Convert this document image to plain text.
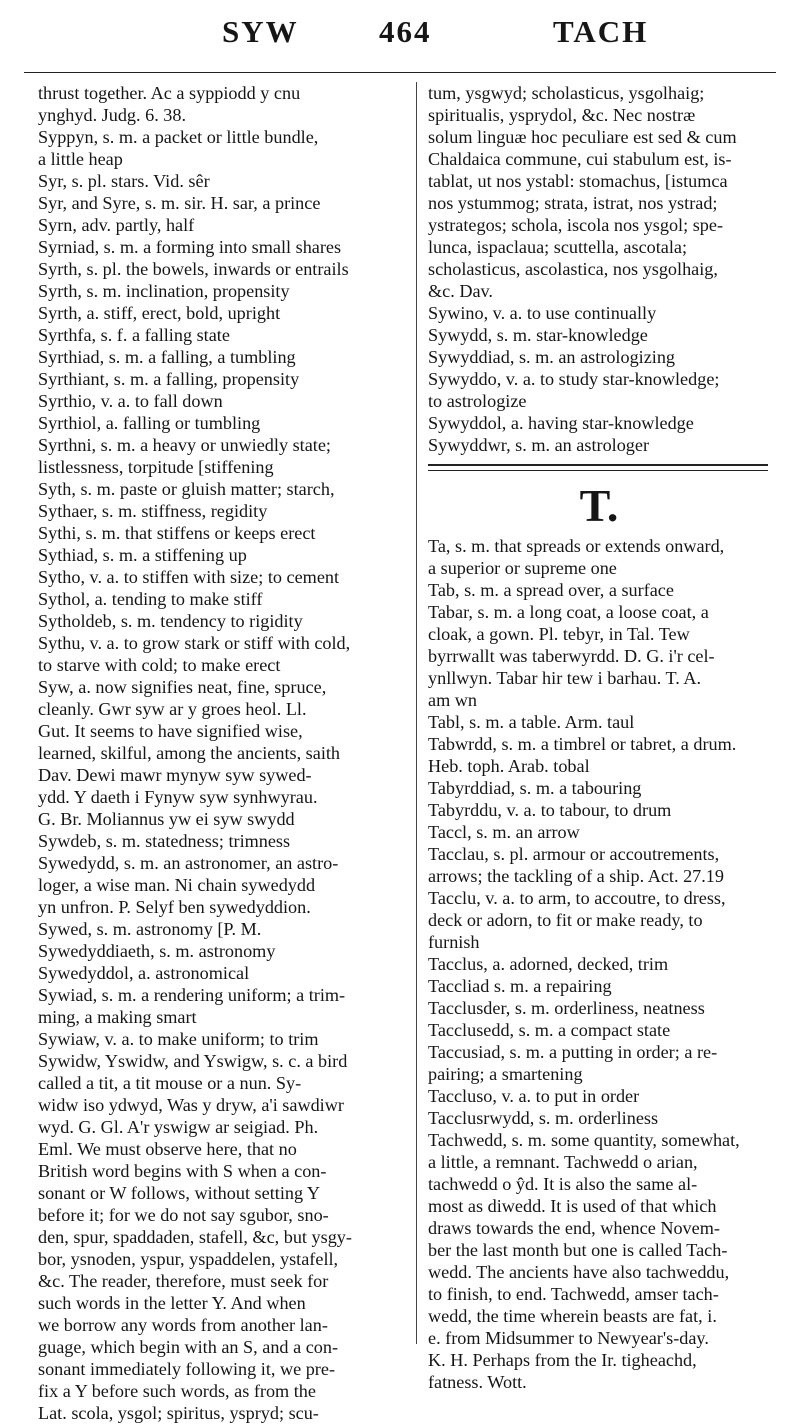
SYW	464	TACH
thrust together. Ac a syppiodd y cnu
ynghyd. Judg. 6. 38.
Syppyn, s. m. a packet or little bundle,
a little heap
Syr, s. pl. stars. Vid. sêr
Syr, and Syre, s. m. sir. H. sar, a prince
Syrn, adv. partly, half
Syrniad, s. m. a forming into small shares
Syrth, s. pl. the bowels, inwards or entrails
Syrth, s. m. inclination, propensity
Syrth, a. stiff, erect, bold, upright
Syrthfa, s. f. a falling state
Syrthiad, s. m. a falling, a tumbling
Syrthiant, s. m. a falling, propensity
Syrthio, v. a. to fall down
Syrthiol, a. falling or tumbling
Syrthni, s. m. a heavy or unwiedly state;
listlessness, torpitude [stiffening
Syth, s. m. paste or gluish matter; starch,
Sythaer, s. m. stiffness, regidity
Sythi, s. m. that stiffens or keeps erect
Sythiad, s. m. a stiffening up
Sytho, v. a. to stiffen with size; to cement
Sythol, a. tending to make stiff
Sytholdeb, s. m. tendency to rigidity
Sythu, v. a. to grow stark or stiff with cold,
to starve with cold; to make erect
Syw, a. now signifies neat, fine, spruce,
cleanly. Gwr syw ar y groes heol. Ll.
Gut. It seems to have signified wise,
learned, skilful, among the ancients, saith
Dav. Dewi mawr mynyw syw sywed-
ydd. Y daeth i Fynyw syw synhwyrau.
G. Br. Moliannus yw ei syw swydd
Sywdeb, s. m. statedness; trimness
Sywedydd, s. m. an astronomer, an astro-
loger, a wise man. Ni chain sywedydd
yn unfron. P. Selyf ben sywedyddion.
Sywed, s. m. astronomy [P. M.
Sywedyddiaeth, s. m. astronomy
Sywedyddol, a. astronomical
Sywiad, s. m. a rendering uniform; a trim-
ming, a making smart
Sywiaw, v. a. to make uniform; to trim
Sywidw, Yswidw, and Yswigw, s. c. a bird
called a tit, a tit mouse or a nun. Sy-
widw iso ydwyd, Was y dryw, a'i sawdiwr
wyd. G. Gl. A'r yswigw ar seigiad. Ph.
Eml. We must observe here, that no
British word begins with S when a con-
sonant or W follows, without setting Y
before it; for we do not say sgubor, sno-
den, spur, spaddaden, stafell, &c, but ysgy-
bor, ysnoden, yspur, yspaddelen, ystafell,
&c. The reader, therefore, must seek for
such words in the letter Y. And when
we borrow any words from another lan-
guage, which begin with an S, and a con-
sonant immediately following it, we pre-
fix a Y before such words, as from the
Lat. scola, ysgol; spiritus, yspryd; scu-
tum, ysgwyd; scholasticus, ysgolhaig;
spiritualis, ysprydol, &c. Nec nostræ
solum linguæ hoc peculiare est sed & cum
Chaldaica commune, cui stabulum est, is-
tablat, ut nos ystabl: stomachus, [istumca
nos ystummog; strata, istrat, nos ystrad;
ystrategos; schola, iscola nos ysgol; spe-
lunca, ispaclaua; scuttella, ascotala;
scholasticus, ascolastica, nos ysgolhaig,
&c. Dav.
Sywino, v. a. to use continually
Sywydd, s. m. star-knowledge
Sywyddiad, s. m. an astrologizing
Sywyddo, v. a. to study star-knowledge;
to astrologize
Sywyddol, a. having star-knowledge
Sywyddwr, s. m. an astrologer
T.
Ta, s. m. that spreads or extends onward,
a superior or supreme one
Tab, s. m. a spread over, a surface
Tabar, s. m. a long coat, a loose coat, a
cloak, a gown. Pl. tebyr, in Tal. Tew
byrrwallt was taberwyrdd. D. G. i'r cel-
ynllwyn. Tabar hir tew i barhau. T. A.
am wn
Tabl, s. m. a table. Arm. taul
Tabwrdd, s. m. a timbrel or tabret, a drum.
Heb. toph. Arab. tobal
Tabyrddiad, s. m. a tabouring
Tabyrddu, v. a. to tabour, to drum
Taccl, s. m. an arrow
Tacclau, s. pl. armour or accoutrements,
arrows; the tackling of a ship. Act. 27.19
Tacclu, v. a. to arm, to accoutre, to dress,
deck or adorn, to fit or make ready, to
furnish
Tacclus, a. adorned, decked, trim
Taccliad s. m. a repairing
Tacclusder, s. m. orderliness, neatness
Tacclusedd, s. m. a compact state
Taccusiad, s. m. a putting in order; a re-
pairing; a smartening
Taccluso, v. a. to put in order
Tacclusrwydd, s. m. orderliness
Tachwedd, s. m. some quantity, somewhat,
a little, a remnant. Tachwedd o arian,
tachwedd o ŷd. It is also the same al-
most as diwedd. It is used of that which
draws towards the end, whence Novem-
ber the last month but one is called Tach-
wedd. The ancients have also tachweddu,
to finish, to end. Tachwedd, amser tach-
wedd, the time wherein beasts are fat, i.
e. from Midsummer to Newyear's-day.
K. H. Perhaps from the Ir. tigheachd,
fatness. Wott.
